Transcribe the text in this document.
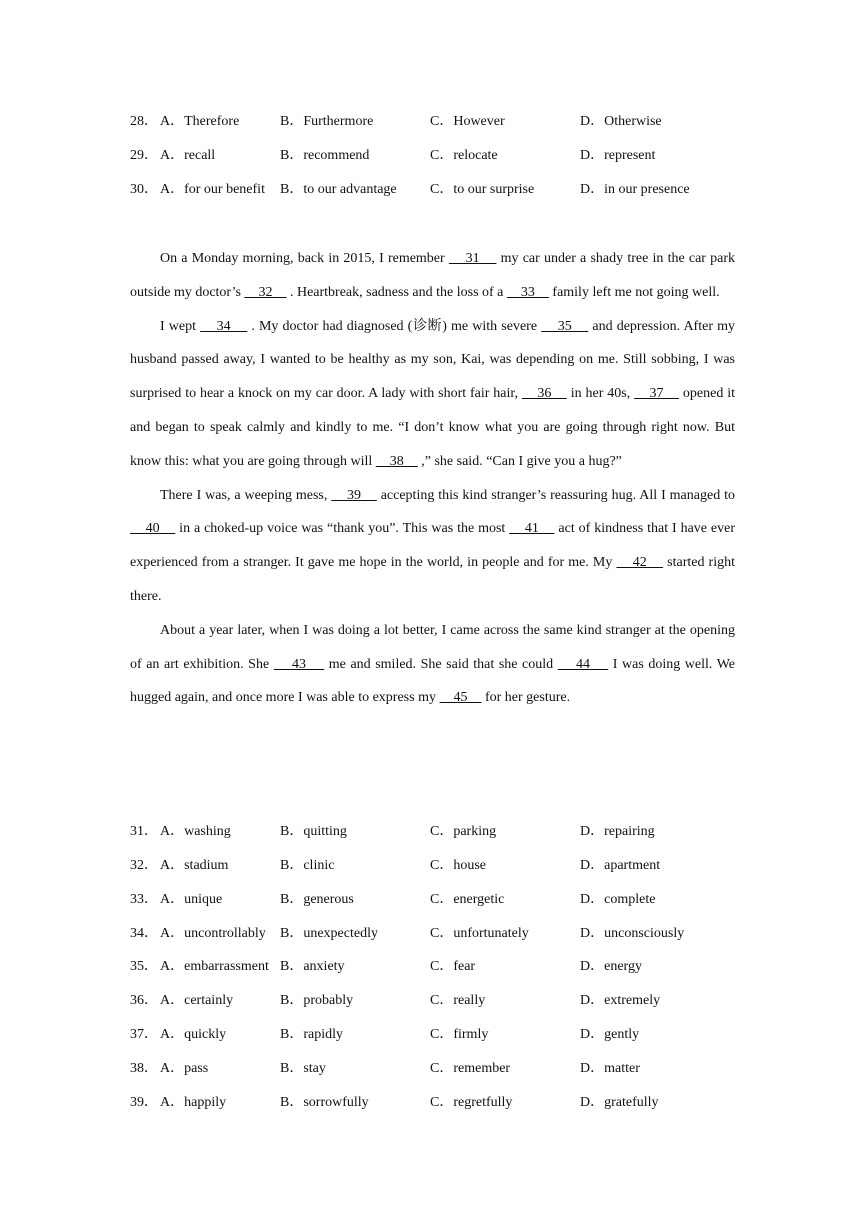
28． A．Therefore	B．Furthermore	C．However	D．Otherwise
29． A．recall	B．recommend	C．relocate	D．represent
30． A．for our benefit B．to our advantage C．to our surprise	D．in our presence

On a Monday morning, back in 2015, I remember     31     my car under a shady tree in the car park outside my doctor’s     32     . Heartbreak, sadness and the loss of a     33     family left me not going well.

I wept     34     . My doctor had diagnosed (诊断) me with severe     35     and depression. After my husband passed away, I wanted to be healthy as my son, Kai, was depending on me. Still sobbing, I was surprised to hear a knock on my car door. A lady with short fair hair,     36     in her 40s,     37     opened it and began to speak calmly and kindly to me. “I don’t know what you are going through right now. But know this: what you are going through will     38     ,” she said. “Can I give you a hug?”

There I was, a weeping mess,     39     accepting this kind stranger’s reassuring hug. All I managed to     40     in a choked-up voice was “thank you”. This was the most     41     act of kindness that I have ever experienced from a stranger. It gave me hope in the world, in people and for me. My     42     started right there.

About a year later, when I was doing a lot better, I came across the same kind stranger at the opening of an art exhibition. She     43     me and smiled. She said that she could     44     I was doing well. We hugged again, and once more I was able to express my     45     for her gesture.

31． A．washing	B．quitting	C．parking	D．repairing
32． A．stadium	B．clinic	C．house	D．apartment
33． A．unique	B．generous	C．energetic	D．complete
34． A．uncontrollably B．unexpectedly	C．unfortunately	D．unconsciously
35． A．embarrassment B．anxiety	C．fear	D．energy
36． A．certainly	B．probably	C．really	D．extremely
37． A．quickly	B．rapidly	C．firmly	D．gently
38． A．pass	B．stay	C．remember	D．matter
39． A．happily	B．sorrowfully	C．regretfully	D．gratefully
